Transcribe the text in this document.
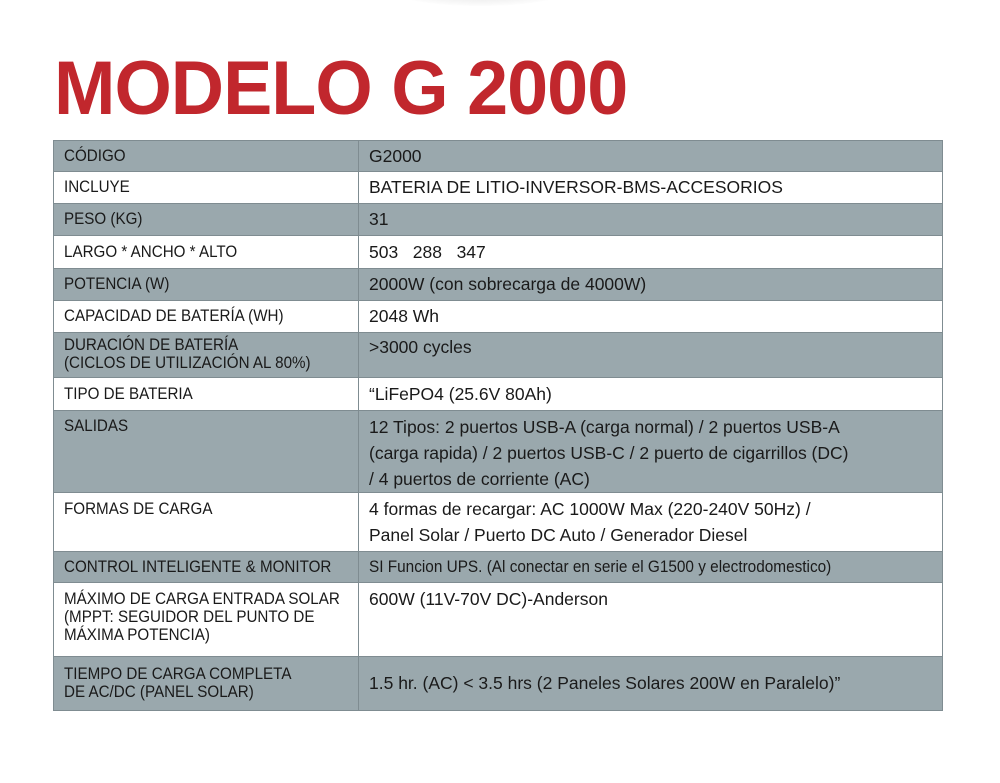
MODELO G 2000
CÓDIGO	G2000

INCLUYE	BATERIA DE LITIO-INVERSOR-BMS-ACCESORIOS

PESO (KG)	31

LARGO * ANCHO * ALTO	503   288   347

POTENCIA (W)	2000W (con sobrecarga de 4000W)

CAPACIDAD DE BATERÍA (WH)	2048 Wh

DURACIÓN DE BATERÍA
(CICLOS DE UTILIZACIÓN AL 80%)	>3000 cycles

TIPO DE BATERIA	“LiFePO4 (25.6V 80Ah)

SALIDAS	12 Tipos: 2 puertos USB-A (carga normal) / 2 puertos USB-A
(carga rapida) / 2 puertos USB-C / 2 puerto de cigarrillos (DC)
/ 4 puertos de corriente (AC)

FORMAS DE CARGA	4 formas de recargar: AC 1000W Max (220-240V 50Hz) /
Panel Solar / Puerto DC Auto / Generador Diesel

CONTROL INTELIGENTE & MONITOR	SI Funcion UPS. (Al conectar en serie el G1500 y electrodomestico)

MÁXIMO DE CARGA ENTRADA SOLAR
(MPPT: SEGUIDOR DEL PUNTO DE
MÁXIMA POTENCIA)	600W (11V-70V DC)-Anderson

TIEMPO DE CARGA COMPLETA
DE AC/DC (PANEL SOLAR)	1.5 hr. (AC) < 3.5 hrs (2 Paneles Solares 200W en Paralelo)”
